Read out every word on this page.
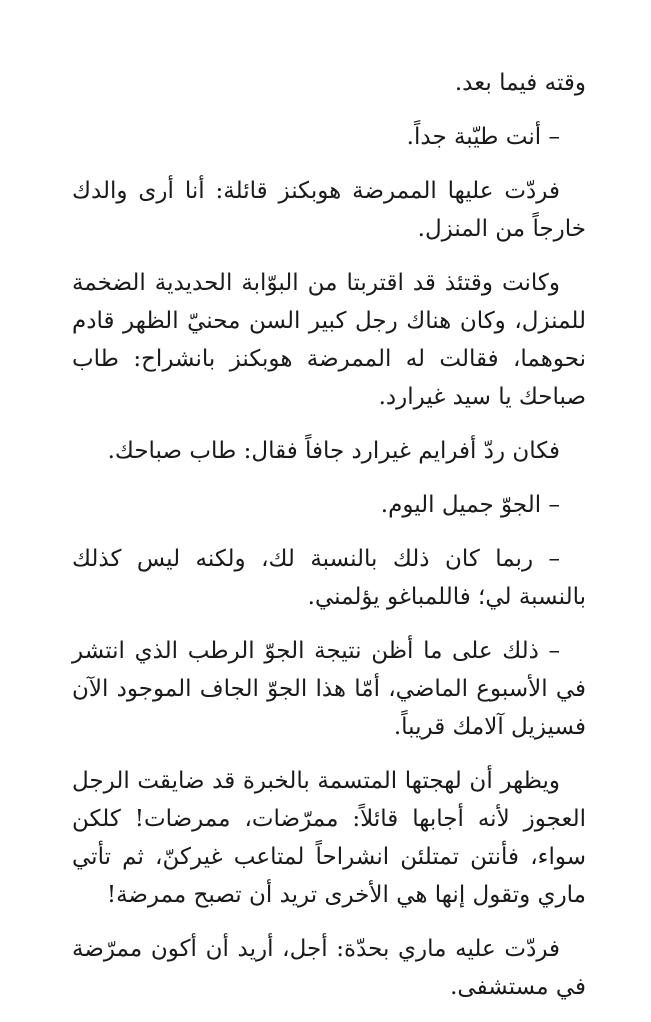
وقته فيما بعد.

– أنت طيّبة جداً.

فردّت عليها الممرضة هوبكنز قائلة: أنا أرى والدك خارجاً من المنزل.

وكانت وقتئذ قد اقتربتا من البوّابة الحديدية الضخمة للمنزل، وكان هناك رجل كبير السن محنيّ الظهر قادم نحوهما، فقالت له الممرضة هوبكنز بانشراح: طاب صباحك يا سيد غيرارد.

فكان ردّ أفرايم غيرارد جافاً فقال: طاب صباحك.

– الجوّ جميل اليوم.

– ربما كان ذلك بالنسبة لك، ولكنه ليس كذلك بالنسبة لي؛ فاللمباغو يؤلمني.

– ذلك على ما أظن نتيجة الجوّ الرطب الذي انتشر في الأسبوع الماضي، أمّا هذا الجوّ الجاف الموجود الآن فسيزيل آلامك قريباً.

ويظهر أن لهجتها المتسمة بالخبرة قد ضايقت الرجل العجوز لأنه أجابها قائلاً: ممرّضات، ممرضات! كلكن سواء، فأنتن تمتلئن انشراحاً لمتاعب غيركنّ، ثم تأتي ماري وتقول إنها هي الأخرى تريد أن تصبح ممرضة!

فردّت عليه ماري بحدّة: أجل، أريد أن أكون ممرّضة في مستشفى.
